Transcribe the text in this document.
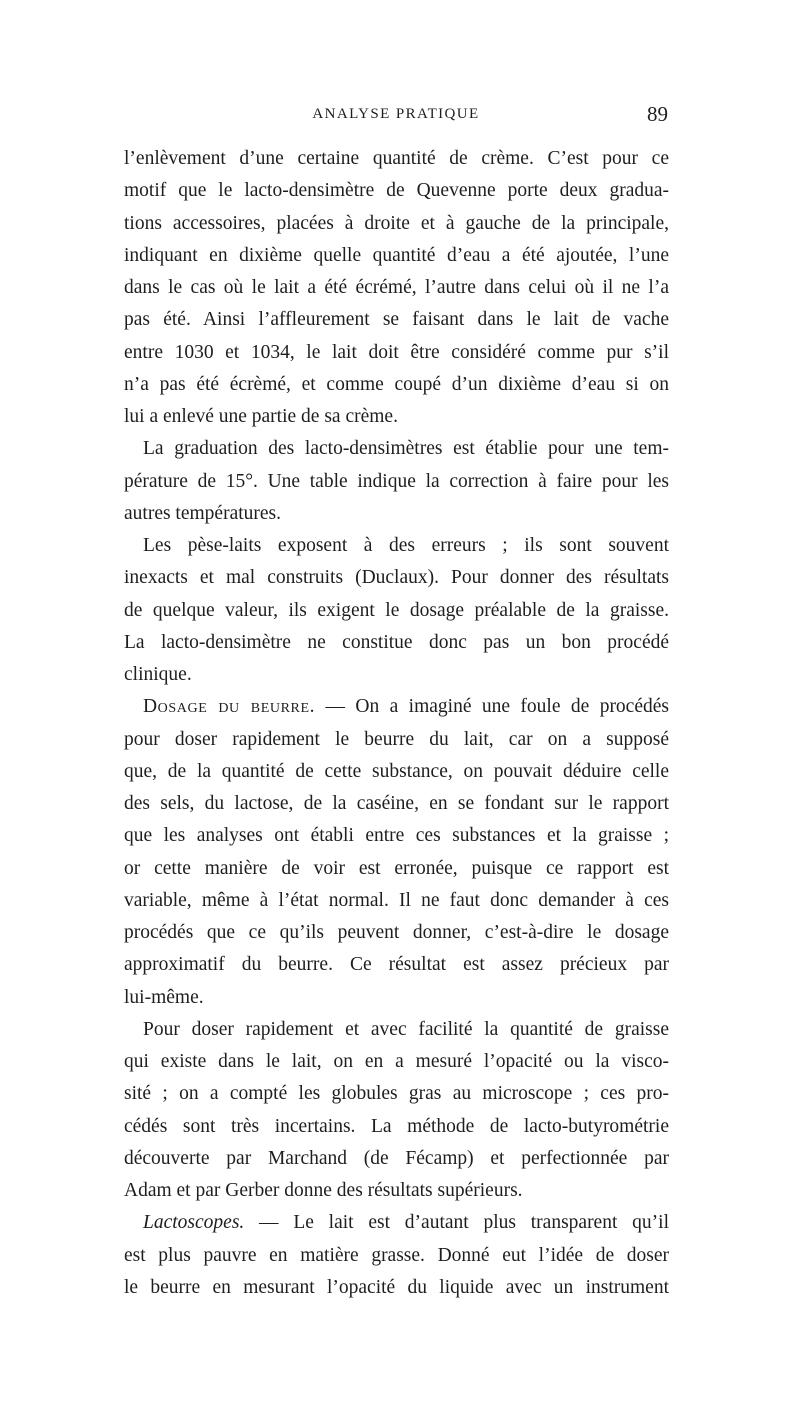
ANALYSE PRATIQUE	89
l’enlèvement d’une certaine quantité de crème. C’est pour ce
motif que le lacto-densimètre de Quevenne porte deux gradua-
tions accessoires, placées à droite et à gauche de la principale,
indiquant en dixième quelle quantité d’eau a été ajoutée, l’une
dans le cas où le lait a été écrémé, l’autre dans celui où il ne l’a
pas été. Ainsi l’affleurement se faisant dans le lait de vache
entre 1030 et 1034, le lait doit être considéré comme pur s’il
n’a pas été écrèmé, et comme coupé d’un dixième d’eau si on
lui a enlevé une partie de sa crème.
La graduation des lacto-densimètres est établie pour une tem-
pérature de 15°. Une table indique la correction à faire pour les
autres températures.
Les pèse-laits exposent à des erreurs ; ils sont souvent
inexacts et mal construits (Duclaux). Pour donner des résultats
de quelque valeur, ils exigent le dosage préalable de la graisse.
La lacto-densimètre ne constitue donc pas un bon procédé
clinique.
Dosage du beurre. — On a imaginé une foule de procédés
pour doser rapidement le beurre du lait, car on a supposé
que, de la quantité de cette substance, on pouvait déduire celle
des sels, du lactose, de la caséine, en se fondant sur le rapport
que les analyses ont établi entre ces substances et la graisse ;
or cette manière de voir est erronée, puisque ce rapport est
variable, même à l’état normal. Il ne faut donc demander à ces
procédés que ce qu’ils peuvent donner, c’est-à-dire le dosage
approximatif du beurre. Ce résultat est assez précieux par
lui-même.
Pour doser rapidement et avec facilité la quantité de graisse
qui existe dans le lait, on en a mesuré l’opacité ou la visco-
sité ; on a compté les globules gras au microscope ; ces pro-
cédés sont très incertains. La méthode de lacto-butyrométrie
découverte par Marchand (de Fécamp) et perfectionnée par
Adam et par Gerber donne des résultats supérieurs.
Lactoscopes. — Le lait est d’autant plus transparent qu’il
est plus pauvre en matière grasse. Donné eut l’idée de doser
le beurre en mesurant l’opacité du liquide avec un instrument
